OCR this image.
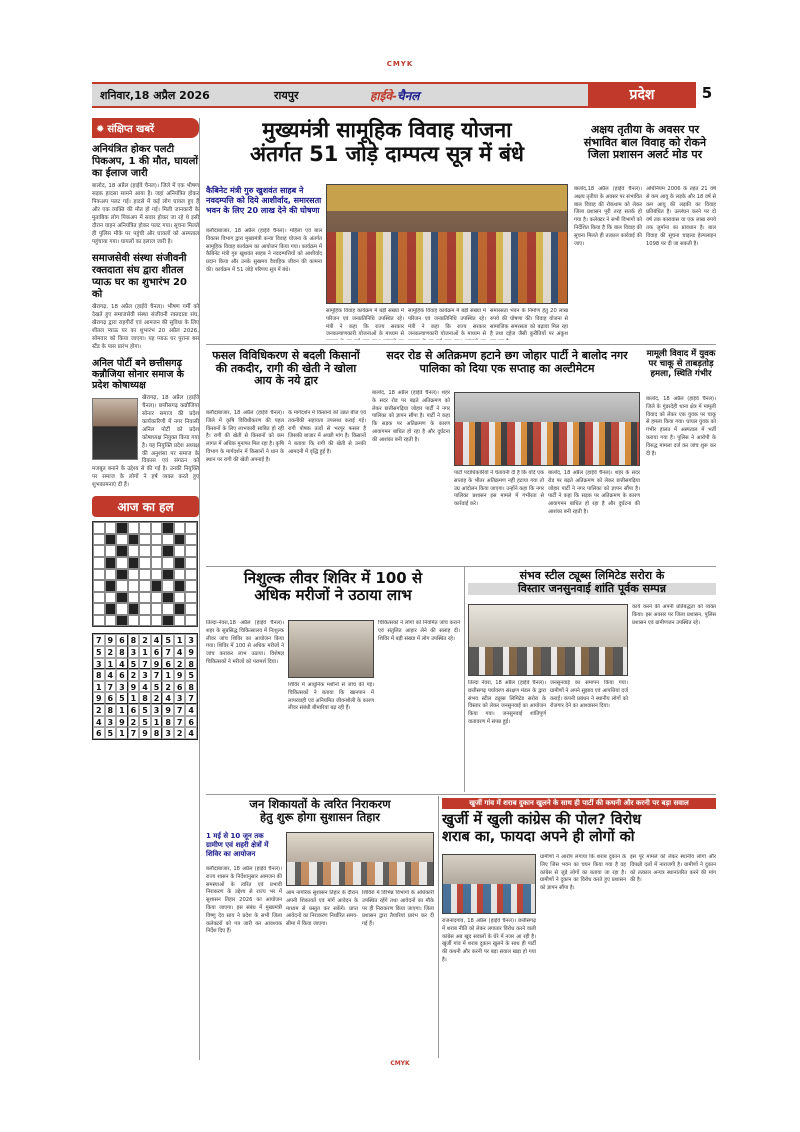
CMYK
शनिवार,18 अप्रैल 2026	रायपुर	हाईवे-चैनल	प्रदेश	5
✹ संक्षिप्त खबरें
अनियंत्रित होकर पलटी पिकअप, 1 की मौत, घायलों का ईलाज जारी
बालोद, 18 अप्रैल (हाईवे चैनल)। जिले में एक भीषण सड़क हादसा सामने आया है। जहां अनियंत्रित होकर पिकअप पलट गई। हादसे में कई लोग घायल हुए हैं और एक व्यक्ति की मौत हो गई। मिली जानकारी के मुताबिक लोग पिकअप में सवार होकर जा रहे थे इसी दौरान वाहन अनियंत्रित होकर पलट गया। सूचना मिलते ही पुलिस मौके पर पहुंची और घायलों को अस्पताल पहुंचाया गया। घायलों का इलाज जारी है।
समाजसेवी संस्था संजीवनी रक्तदाता संघ द्वारा शीतल प्याऊ घर का शुभारंभ 20 को
खैरागढ़, 18 अप्रैल (हाईवे चैनल)। भीषण गर्मी को देखते हुए समाजसेवी संस्था संजीवनी रक्तदाता संघ, खैरागढ़ द्वारा राहगीरों एवं आमजन की सुविधा के लिए शीतल प्याऊ घर का शुभारंभ 20 अप्रैल 2026, सोमवार को किया जाएगा। यह प्याऊ घर पुराना बस स्टैंड के पास प्रारंभ होगा।
अनिल पोर्टी बने छत्तीसगढ़ कन्नौजिया सोनार समाज के प्रदेश कोषाध्यक्ष
खैरागढ़, 18 अप्रैल (हाईवे चैनल)। छत्तीसगढ़ कन्नौजिया सोनार समाज की प्रदेश कार्यकारिणी में नगर निवासी अनिल पोर्टी को प्रदेश कोषाध्यक्ष नियुक्त किया गया है। यह नियुक्ति प्रदेश अध्यक्ष की अनुशंसा पर समाज के विकास एवं संगठन को मजबूत बनाने के उद्देश्य से की गई है। उनकी नियुक्ति पर समाज के लोगों ने हर्ष व्यक्त करते हुए शुभकामनाएं दी हैं।
आज का हल
7 9 6 8 2 4 5 1 3
5 2 8 3 1 6 7 4 9
3 1 4 5 7 9 6 2 8
8 4 6 2 3 7 1 9 5
1 7 3 9 4 5 2 6 8
9 6 5 1 8 2 4 3 7
2 8 1 6 5 3 9 7 4
4 3 9 2 5 1 8 7 6
6 5 1 7 9 8 3 2 4
मुख्यमंत्री सामूहिक विवाह योजना
अंतर्गत 51 जोड़े दाम्पत्य सूत्र में बंधे
कैबिनेट मंत्री गुरु खुशवंत साहब ने नवदम्पत्ति को दिये आशीर्वाद, समारसता भवन के लिए 20 लाख देने की घोषणा
बलौदाबाजार, 18 अप्रैल (हाईवे चैनल)। महिला एवं बाल विकास विभाग द्वारा मुख्यमंत्री कन्या विवाह योजना के अंतर्गत सामूहिक विवाह कार्यक्रम का आयोजन किया गया। कार्यक्रम में कैबिनेट मंत्री गुरु खुशवंत साहब ने नवदम्पत्तियों को आशीर्वाद प्रदान किया और उनके सुखमय वैवाहिक जीवन की कामना की। कार्यक्रम में 51 जोड़े परिणय सूत्र में बंधे।
सामूहिक विवाह कार्यक्रम में बड़ी संख्या में परिजन एवं जनप्रतिनिधि उपस्थित रहे। मंत्री ने कहा कि राज्य सरकार जनकल्याणकारी योजनाओं के माध्यम से
सामूहिक विवाह कार्यक्रम में बड़ी संख्या में परिजन एवं जनप्रतिनिधि उपस्थित रहे। मंत्री ने कहा कि राज्य सरकार जनकल्याणकारी योजनाओं के माध्यम से
समारसता भवन के निर्माण हेतु 20 लाख रुपये की घोषणा की। विवाह योजना से सामाजिक समरसता को बढ़ावा मिल रहा है तथा दहेज जैसी कुरीतियों पर अंकुश
अक्षय तृतीया के अवसर पर संभावित बाल विवाह को रोकने जिला प्रशासन अलर्ट मोड पर
बालोद,18 अप्रैल (हाईवे चैनल)। अक्षय तृतीया के अवसर पर संभावित बाल विवाह की रोकथाम को लेकर जिला प्रशासन पूरी तरह सतर्क हो गया है। कलेक्टर ने सभी विभागों को निर्देशित किया है कि बाल विवाह की सूचना मिलते ही तत्काल कार्रवाई की जाए।
अधिनियम 2006 के तहत 21 वर्ष से कम आयु के लड़के और 18 वर्ष से कम आयु की लड़की का विवाह प्रतिबंधित है। उल्लंघन करने पर दो वर्ष तक कारावास या एक लाख रुपये तक जुर्माना का प्रावधान है। बाल विवाह की सूचना चाइल्ड हेल्पलाइन 1098 पर दी जा सकती है।
फसल विविधिकरण से बदली किसानों की तकदीर, रागी की खेती ने खोला आय के नये द्वार
बलौदाबाजार, 18 अप्रैल (हाईवे चैनल)। जिले में कृषि विविधीकरण की पहल किसानों के लिए लाभकारी साबित हो रही है। रागी की खेती से किसानों को कम लागत में अधिक मुनाफा मिल रहा है। कृषि विभाग के मार्गदर्शन में किसानों ने धान के स्थान पर रागी की खेती अपनाई है।
के मार्गदर्शन में किसानों को उन्नत बीज एवं तकनीकी सहायता उपलब्ध कराई गई। रागी पोषक तत्वों से भरपूर फसल है जिसकी बाजार में अच्छी मांग है। किसानों ने बताया कि रागी की खेती से उनकी आमदनी में वृद्धि हुई है।
सदर रोड से अतिक्रमण हटाने छग जोहार पार्टी ने बालोद नगर पालिका को दिया एक सप्ताह का अल्टीमेटम
बालोद, 18 अप्रैल (हाईवे चैनल)। शहर के सदर रोड पर बढ़ते अतिक्रमण को लेकर छत्तीसगढ़िया जोहार पार्टी ने नगर पालिका को ज्ञापन सौंपा है। पार्टी ने कहा कि सड़क पर अतिक्रमण के कारण आवागमन बाधित हो रहा है और दुर्घटना की आशंका बनी रहती है।
पार्टी पदाधिकारियों ने चेतावनी दी है कि यदि एक सप्ताह के भीतर अतिक्रमण नहीं हटाया गया तो उग्र आंदोलन किया जाएगा। उन्होंने कहा कि नगर पालिका प्रशासन इस मामले में गंभीरता से कार्रवाई करे।
बालोद, 18 अप्रैल (हाईवे चैनल)। शहर के सदर रोड पर बढ़ते अतिक्रमण को लेकर छत्तीसगढ़िया जोहार पार्टी ने नगर पालिका को ज्ञापन सौंपा है। पार्टी ने कहा कि सड़क पर अतिक्रमण के कारण आवागमन बाधित हो रहा है और दुर्घटना की आशंका बनी रहती है।
मामूली विवाद में युवक पर चाकू से ताबड़तोड़ हमला, स्थिति गंभीर
बालोद, 18 अप्रैल (हाईवे चैनल)। जिले के गुंडरदेही थाना क्षेत्र में मामूली विवाद को लेकर एक युवक पर चाकू से हमला किया गया। घायल युवक को गंभीर हालत में अस्पताल में भर्ती कराया गया है। पुलिस ने आरोपी के विरुद्ध मामला दर्ज कर जांच शुरू कर दी है।
निशुल्क लीवर शिविर में 100 से
अधिक मरीजों ने उठाया लाभ
तिल्दा-नेवरा,18 अप्रैल (हाईवे चैनल)। शहर के सुप्रसिद्ध चिकित्सालय में निःशुल्क लीवर जांच शिविर का आयोजन किया गया। शिविर में 100 से अधिक मरीजों ने जांच कराकर लाभ उठाया। विशेषज्ञ चिकित्सकों ने मरीजों को परामर्श दिया।
शिविर में आधुनिक मशीनों से जांच की गई। चिकित्सकों ने बताया कि खानपान में लापरवाही एवं अनियमित जीवनशैली के कारण लीवर संबंधी बीमारियां बढ़ रही हैं।
चिकित्सकों ने लोगों को नियमित जांच कराने एवं संतुलित आहार लेने की सलाह दी। शिविर में बड़ी संख्या में लोग उपस्थित रहे।
संभव स्टील ट्यूब्स लिमिटेड सरोरा के
विस्तार जनसुनवाई शांति पूर्वक सम्पन्न
तिल्दा नेवरा, 18 अप्रैल (हाईवे चैनल)। छत्तीसगढ़ पर्यावरण संरक्षण मंडल के द्वारा संभव स्टील ट्यूब्स लिमिटेड सरोरा के विस्तार को लेकर जनसुनवाई का आयोजन किया गया। जनसुनवाई शांतिपूर्ण वातावरण में संपन्न हुई।
जनसुनवाई का समापन किया गया। ग्रामीणों ने अपने सुझाव एवं आपत्तियां दर्ज कराईं। कंपनी प्रबंधन ने स्थानीय लोगों को रोजगार देने का आश्वासन दिया।
कार्य करने की अपनी प्रतिबद्धता को व्यक्त किया। इस अवसर पर जिला प्रशासन, पुलिस प्रशासन एवं ग्रामीणजन उपस्थित रहे।
जन शिकायतों के त्वरित निराकरण
हेतु शुरू होगा सुशासन तिहार
1 मई से 10 जून तक ग्रामीण एवं शहरी क्षेत्रों में शिविर का आयोजन
बलौदाबाजार, 18 अप्रैल (हाईवे चैनल)। राज्य शासन के निर्देशानुसार आमजन की समस्याओं के त्वरित एवं प्रभावी निराकरण के उद्देश्य से राज्य भर में सुशासन तिहार 2026 का आयोजन किया जाएगा। इस संबंध में मुख्यमंत्री विष्णु देव साय ने प्रदेश के सभी जिला कलेक्टरों को पत्र जारी कर आवश्यक निर्देश दिए हैं।
आम नागरिक सुशासन तिहार के दौरान अपनी शिकायतें एवं मांगें आवेदन के माध्यम से प्रस्तुत कर सकेंगे। प्राप्त आवेदनों का निराकरण निर्धारित समय-सीमा में किया जाएगा।
शिविरों में विभिन्न विभागों के अधिकारी उपस्थित रहेंगे तथा आवेदनों का मौके पर ही निराकरण किया जाएगा। जिला प्रशासन द्वारा तैयारियां प्रारंभ कर दी गई हैं।
खुर्जी गांव में शराब दुकान खुलने के साथ ही पार्टी की कथनी और करनी पर बड़ा सवाल
खुर्जी में खुली कांग्रेस की पोल? विरोध
शराब का, फायदा अपने ही लोगों को
राजनांदगांव, 18 अप्रैल (हाईवे चैनल)। छत्तीसगढ़ में शराब नीति को लेकर लगातार विरोध करने वाली कांग्रेस अब खुद सवालों के घेरे में नजर आ रही है। खुर्जी गांव में शराब दुकान खुलने के साथ ही पार्टी की कथनी और करनी पर बड़ा सवाल खड़ा हो गया है।
ग्रामीणों ने आरोप लगाया कि शराब दुकान के लिए जिस भवन का चयन किया गया है वह कांग्रेस से जुड़े लोगों का बताया जा रहा है। ग्रामीणों ने दुकान का विरोध करते हुए प्रशासन को ज्ञापन सौंपा है।
इस पूरे मामले को लेकर स्थानीय लोगों और विपक्षी दलों में नाराजगी है। ग्रामीणों ने दुकान को तत्काल अन्यत्र स्थानांतरित करने की मांग की है।
CMYK
